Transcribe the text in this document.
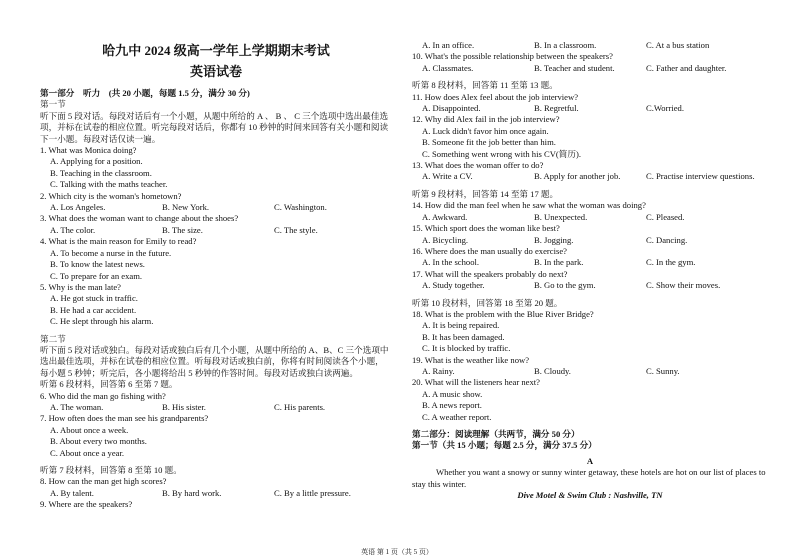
哈九中 2024 级高一学年上学期期末考试
英语试卷
第一部分　听力　(共 20 小题，每题 1.5 分，满分 30 分)
第一节
听下面 5 段对话。每段对话后有一个小题，从题中所给的 A 、 B 、 C 三个选项中选出最佳选项，并标在试卷的相应位置。听完每段对话后，你都有 10 秒钟的时间来回答有关小题和阅读下一小题。每段对话仅读一遍。
1. What was Monica doing?
A. Applying for a position.
B. Teaching in the classroom.
C. Talking with the maths teacher.
2. Which city is the woman's hometown?
A. Los Angeles.	B. New York.	C. Washington.
3. What does the woman want to change about the shoes?
A. The color.	B. The size.	C. The style.
4. What is the main reason for Emily to read?
A. To become a nurse in the future.
B. To know the latest news.
C. To prepare for an exam.
5. Why is the man late?
A. He got stuck in traffic.
B. He had a car accident.
C. He slept through his alarm.
第二节
听下面 5 段对话或独白。每段对话或独白后有几个小题，从题中所给的 A、B、C 三个选项中选出最佳选项，并标在试卷的相应位置。听每段对话或独白前，你将有时间阅读各个小题，每小题 5 秒钟；听完后，各小题将给出 5 秒钟的作答时间。每段对话或独白读两遍。
听第 6 段材料，回答第 6 至第 7 题。
6. Who did the man go fishing with?
A. The woman.	B. His sister.	C. His parents.
7. How often does the man see his grandparents?
A. About once a week.
B. About every two months.
C. About once a year.
听第 7 段材料，回答第 8 至第 10 题。
8. How can the man get high scores?
A. By talent.	B. By hard work.	C. By a little pressure.
9. Where are the speakers?
A. In an office.	B. In a classroom.	C. At a bus station
10. What's the possible relationship between the speakers?
A. Classmates.	B. Teacher and student.	C. Father and daughter.
听第 8 段材料，回答第 11 至第 13 题。
11. How does Alex feel about the job interview?
A. Disappointed.	B. Regretful.	C.Worried.
12. Why did Alex fail in the job interview?
A. Luck didn't favor him once again.
B. Someone fit the job better than him.
C. Something went wrong with his CV(简历).
13. What does the woman offer to do?
A. Write a CV.	B. Apply for another job.	C. Practise interview questions.
听第 9 段材料，回答第 14 至第 17 题。
14. How did the man feel when he saw what the woman was doing?
A. Awkward.	B. Unexpected.	C. Pleased.
15. Which sport does the woman like best?
A. Bicycling.	B. Jogging.	C. Dancing.
16. Where does the man usually do exercise?
A. In the school.	B. In the park.	C. In the gym.
17. What will the speakers probably do next?
A. Study together.	B. Go to the gym.	C. Show their moves.
听第 10 段材料，回答第 18 至第 20 题。
18. What is the problem with the Blue River Bridge?
A. It is being repaired.
B. It has been damaged.
C. It is blocked by traffic.
19. What is the weather like now?
A. Rainy.	B. Cloudy.	C. Sunny.
20. What will the listeners hear next?
A. A music show.
B. A news report.
C. A weather report.
第二部分：阅读理解（共两节，满分 50 分）
第一节（共 15 小题；每题 2.5 分，满分 37.5 分）
A
Whether you want a snowy or sunny winter getaway, these hotels are hot on our list of places to stay this winter.
Dive Motel & Swim Club : Nashville, TN
英语 第 1 页（共 5 页）
